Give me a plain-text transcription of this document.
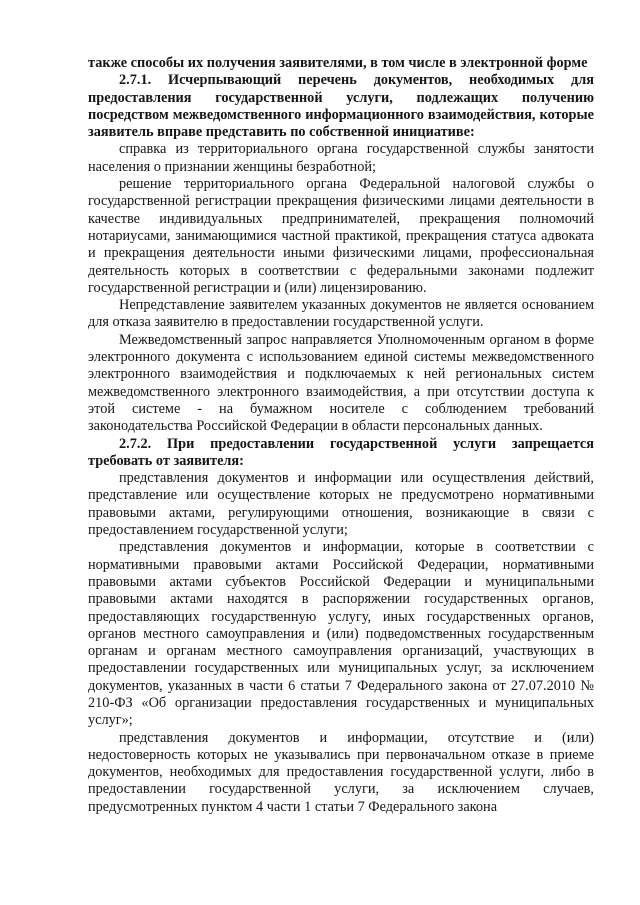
также способы их получения заявителями, в том числе в электронной форме

2.7.1. Исчерпывающий перечень документов, необходимых для предоставления государственной услуги, подлежащих получению посредством межведомственного информационного взаимодействия, которые заявитель вправе представить по собственной инициативе:

справка из территориального органа государственной службы занятости населения о признании женщины безработной;

решение территориального органа Федеральной налоговой службы о государственной регистрации прекращения физическими лицами деятельности в качестве индивидуальных предпринимателей, прекращения полномочий нотариусами, занимающимися частной практикой, прекращения статуса адвоката и прекращения деятельности иными физическими лицами, профессиональная деятельность которых в соответствии с федеральными законами подлежит государственной регистрации и (или) лицензированию.

Непредставление заявителем указанных документов не является основанием для отказа заявителю в предоставлении государственной услуги.

Межведомственный запрос направляется Уполномоченным органом в форме электронного документа с использованием единой системы межведомственного электронного взаимодействия и подключаемых к ней региональных систем межведомственного электронного взаимодействия, а при отсутствии доступа к этой системе - на бумажном носителе с соблюдением требований законодательства Российской Федерации в области персональных данных.

2.7.2. При предоставлении государственной услуги запрещается требовать от заявителя:

представления документов и информации или осуществления действий, представление или осуществление которых не предусмотрено нормативными правовыми актами, регулирующими отношения, возникающие в связи с предоставлением государственной услуги;

представления документов и информации, которые в соответствии с нормативными правовыми актами Российской Федерации, нормативными правовыми актами субъектов Российской Федерации и муниципальными правовыми актами находятся в распоряжении государственных органов, предоставляющих государственную услугу, иных государственных органов, органов местного самоуправления и (или) подведомственных государственным органам и органам местного самоуправления организаций, участвующих в предоставлении государственных или муниципальных услуг, за исключением документов, указанных в части 6 статьи 7 Федерального закона от 27.07.2010 № 210-ФЗ «Об организации предоставления государственных и муниципальных услуг»;

представления документов и информации, отсутствие и (или) недостоверность которых не указывались при первоначальном отказе в приеме документов, необходимых для предоставления государственной услуги, либо в предоставлении государственной услуги, за исключением случаев, предусмотренных пунктом 4 части 1 статьи 7 Федерального закона
